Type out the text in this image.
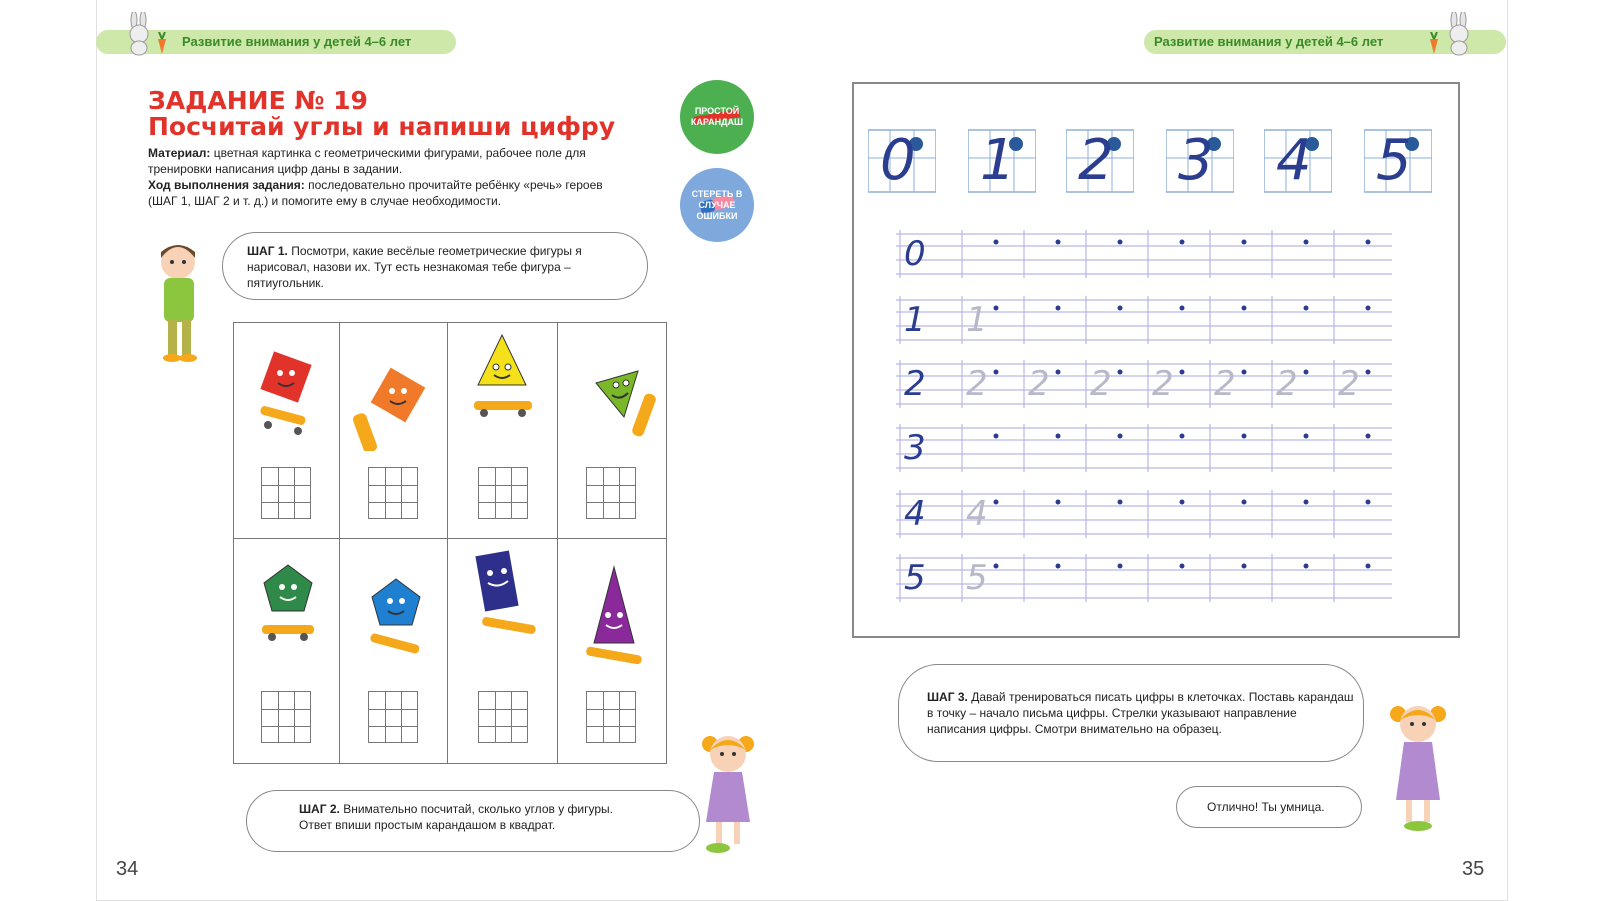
Развитие внимания у детей 4–6 лет	Развитие внимания у детей 4–6 лет
ЗАДАНИЕ № 19
Посчитай углы и напиши цифру
Материал: цветная картинка с геометрическими фигурами, рабочее поле для тренировки написания цифр даны в задании.
Ход выполнения задания: последовательно прочитайте ребёнку «речь» героев (ШАГ 1, ШАГ 2 и т. д.) и помогите ему в случае необходимости.
ПРОСТОЙ КАРАНДАШ
СТЕРЕТЬ В СЛУЧАЕ ОШИБКИ
ШАГ 1. Посмотри, какие весёлые геометрические фигуры я нарисовал, назови их. Тут есть незнакомая тебе фигура – пятиугольник.
ШАГ 2. Внимательно посчитай, сколько углов у фигуры. Ответ впиши простым карандашом в квадрат.
34	35
0 1 2 3 4 5
0
1 1
2 2 2 2 2 2 2 2
3
4 4
5 5
ШАГ 3. Давай тренироваться писать цифры в клеточках. Поставь карандаш в точку – начало письма цифры. Стрелки указывают направление написания цифры. Смотри внимательно на образец.
Отлично! Ты умница.
